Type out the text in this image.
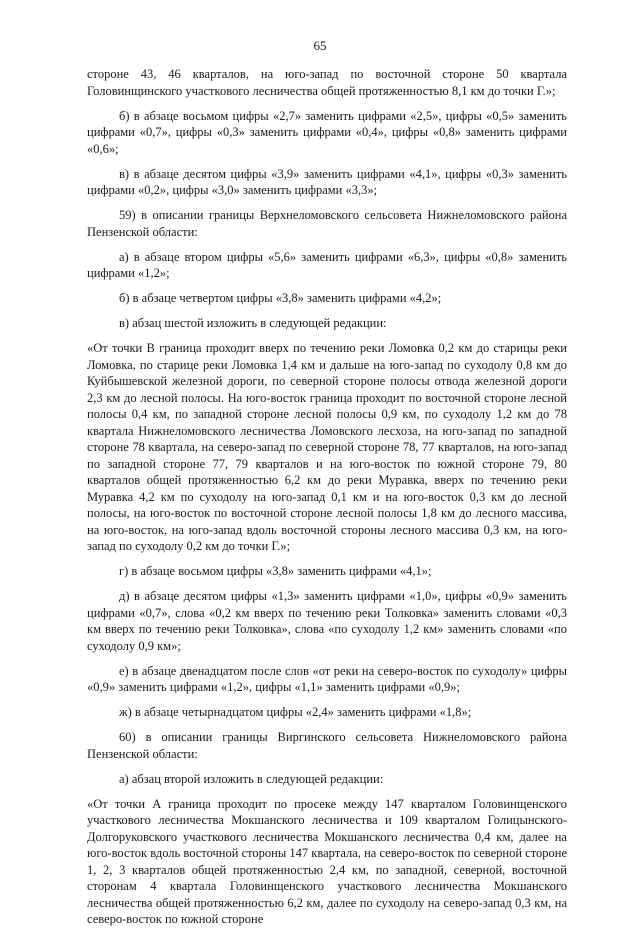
65

стороне 43, 46 кварталов, на юго-запад по восточной стороне 50 квартала Головинщинского участкового лесничества общей протяженностью 8,1 км до точки Г.»;

б) в абзаце восьмом цифры «2,7» заменить цифрами «2,5», цифры «0,5» заменить цифрами «0,7», цифры «0,3» заменить цифрами «0,4», цифры «0,8» заменить цифрами «0,6»;

в) в абзаце десятом цифры «3,9» заменить цифрами «4,1», цифры «0,3» заменить цифрами «0,2», цифры «3,0» заменить цифрами «3,3»;

59) в описании границы Верхнеломовского сельсовета Нижнеломовского района Пензенской области:

а) в абзаце втором цифры «5,6» заменить цифрами «6,3», цифры «0,8» заменить цифрами «1,2»;

б) в абзаце четвертом цифры «3,8» заменить цифрами «4,2»;

в) абзац шестой изложить в следующей редакции:

«От точки В граница проходит вверх по течению реки Ломовка 0,2 км до старицы реки Ломовка, по старице реки Ломовка 1,4 км и дальше на юго-запад по суходолу 0,8 км до Куйбышевской железной дороги, по северной стороне полосы отвода железной дороги 2,3 км до лесной полосы. На юго-восток граница проходит по восточной стороне лесной полосы 0,4 км, по западной стороне лесной полосы 0,9 км, по суходолу 1,2 км до 78 квартала Нижнеломовского лесничества Ломовского лесхоза, на юго-запад по западной стороне 78 квартала, на северо-запад по северной стороне 78, 77 кварталов, на юго-запад по западной стороне 77, 79 кварталов и на юго-восток по южной стороне 79, 80 кварталов общей протяженностью 6,2 км до реки Муравка, вверх по течению реки Муравка 4,2 км по суходолу на юго-запад 0,1 км и на юго-восток 0,3 км до лесной полосы, на юго-восток по восточной стороне лесной полосы 1,8 км до лесного массива, на юго-восток, на юго-запад вдоль восточной стороны лесного массива 0,3 км, на юго-запад по суходолу 0,2 км до точки Г.»;

г) в абзаце восьмом цифры «3,8» заменить цифрами «4,1»;

д) в абзаце десятом цифры «1,3» заменить цифрами «1,0», цифры «0,9» заменить цифрами «0,7», слова «0,2 км вверх по течению реки Толковка» заменить словами «0,3 км вверх по течению реки Толковка», слова «по суходолу 1,2 км» заменить словами «по суходолу 0,9 км»;

е) в абзаце двенадцатом после слов «от реки на северо-восток по суходолу» цифры «0,9» заменить цифрами «1,2», цифры «1,1» заменить цифрами «0,9»;

ж) в абзаце четырнадцатом цифры «2,4» заменить цифрами «1,8»;

60) в описании границы Виргинского сельсовета Нижнеломовского района Пензенской области:

а) абзац второй изложить в следующей редакции:

«От точки А граница проходит по просеке между 147 кварталом Головинщенского участкового лесничества Мокшанского лесничества и 109 кварталом Голицынского-Долгоруковского участкового лесничества Мокшанского лесничества 0,4 км, далее на юго-восток вдоль восточной стороны 147 квартала, на северо-восток по северной стороне 1, 2, 3 кварталов общей протяженностью 2,4 км, по западной, северной, восточной сторонам 4 квартала Головинщенского участкового лесничества Мокшанского лесничества общей протяженностью 6,2 км, далее по суходолу на северо-запад 0,3 км, на северо-восток по южной стороне
